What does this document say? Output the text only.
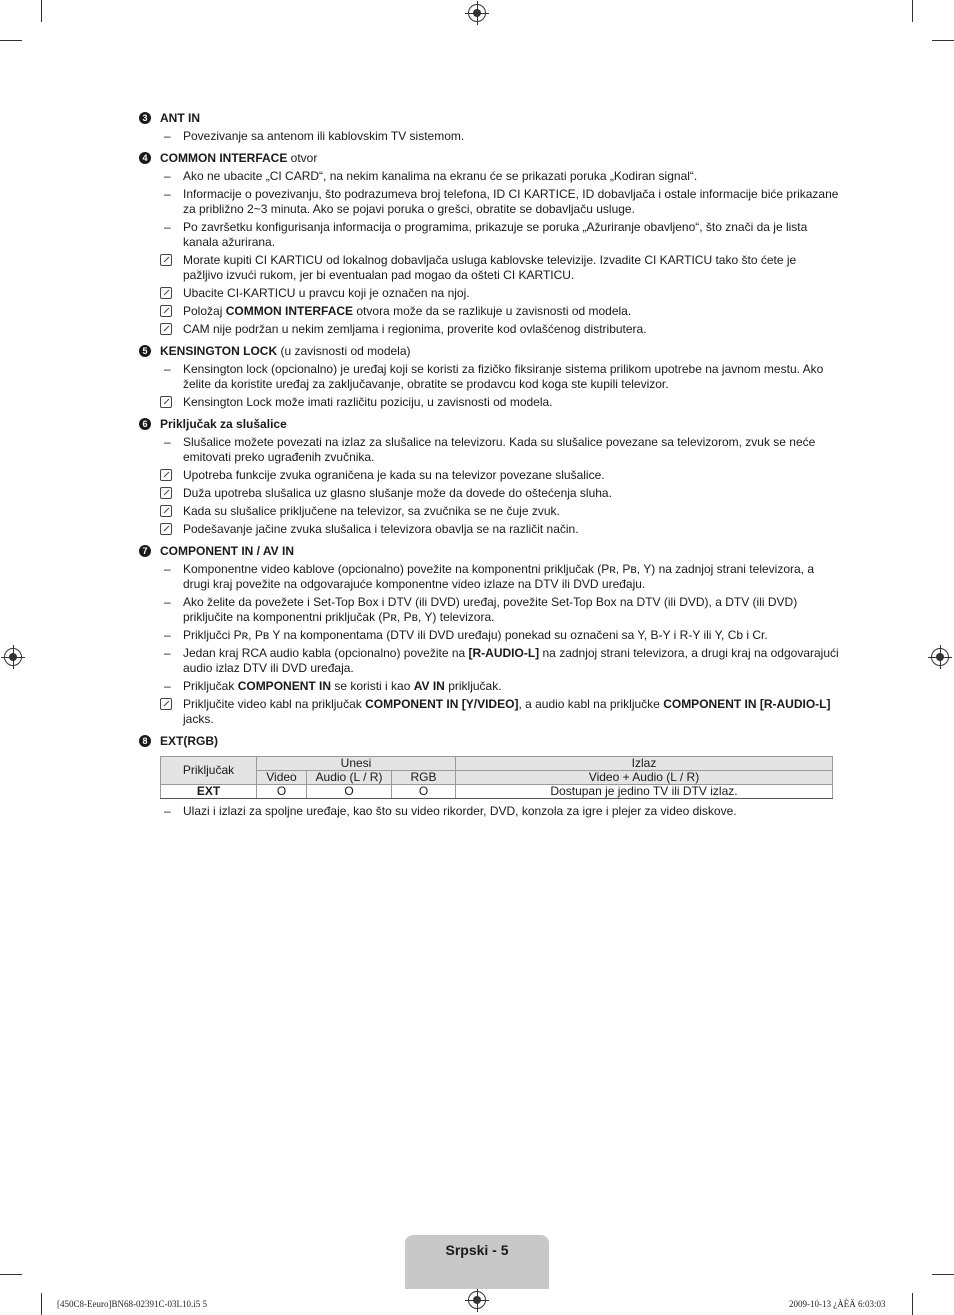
3 ANT IN
–	Povezivanje sa antenom ili kablovskim TV sistemom.
4 COMMON INTERFACE otvor
–	Ako ne ubacite „CI CARD“, na nekim kanalima na ekranu će se prikazati poruka „Kodiran signal“.
–	Informacije o povezivanju, što podrazumeva broj telefona, ID CI KARTICE, ID dobavljača i ostale informacije biće prikazane za približno 2~3 minuta. Ako se pojavi poruka o grešci, obratite se dobavljaču usluge.
–	Po završetku konfigurisanja informacija o programima, prikazuje se poruka „Ažuriranje obavljeno“, što znači da je lista kanala ažurirana.
Morate kupiti CI KARTICU od lokalnog dobavljača usluga kablovske televizije. Izvadite CI KARTICU tako što ćete je pažljivo izvući rukom, jer bi eventualan pad mogao da ošteti CI KARTICU.
Ubacite CI-KARTICU u pravcu koji je označen na njoj.
Položaj COMMON INTERFACE otvora može da se razlikuje u zavisnosti od modela.
CAM nije podržan u nekim zemljama i regionima, proverite kod ovlašćenog distributera.
5 KENSINGTON LOCK (u zavisnosti od modela)
–	Kensington lock (opcionalno) je uređaj koji se koristi za fizičko fiksiranje sistema prilikom upotrebe na javnom mestu. Ako želite da koristite uređaj za zaključavanje, obratite se prodavcu kod koga ste kupili televizor.
Kensington Lock može imati različitu poziciju, u zavisnosti od modela.
6 Priključak za slušalice
–	Slušalice možete povezati na izlaz za slušalice na televizoru. Kada su slušalice povezane sa televizorom, zvuk se neće emitovati preko ugrađenih zvučnika.
Upotreba funkcije zvuka ograničena je kada su na televizor povezane slušalice.
Duža upotreba slušalica uz glasno slušanje može da dovede do oštećenja sluha.
Kada su slušalice priključene na televizor, sa zvučnika se ne čuje zvuk.
Podešavanje jačine zvuka slušalica i televizora obavlja se na različit način.
7 COMPONENT IN / AV IN
–	Komponentne video kablove (opcionalno) povežite na komponentni priključak (Pʀ, Pʙ, Y) na zadnjoj strani televizora, a drugi kraj povežite na odgovarajuće komponentne video izlaze na DTV ili DVD uređaju.
–	Ako želite da povežete i Set-Top Box i DTV (ili DVD) uređaj, povežite Set-Top Box na DTV (ili DVD), a DTV (ili DVD) priključite na komponentni priključak (Pʀ, Pʙ, Y) televizora.
–	Priključci Pʀ, Pʙ Y na komponentama (DTV ili DVD uređaju) ponekad su označeni sa Y, B-Y i R-Y ili Y, Cb i Cr.
–	Jedan kraj RCA audio kabla (opcionalno) povežite na [R-AUDIO-L] na zadnjoj strani televizora, a drugi kraj na odgovarajući audio izlaz DTV ili DVD uređaja.
–	Priključak COMPONENT IN se koristi i kao AV IN priključak.
Priključite video kabl na priključak COMPONENT IN [Y/VIDEO], a audio kabl na priključke COMPONENT IN [R-AUDIO-L] jacks.
8 EXT(RGB)
Priključak	Unesi			Izlaz
	Video	Audio (L / R)	RGB	Video + Audio (L / R)
EXT	O	O	O	Dostupan je jedino TV ili DTV izlaz.
–	Ulazi i izlazi za spoljne uređaje, kao što su video rikorder, DVD, konzola za igre i plejer za video diskove.
Srpski - 5
[450C8-Eeuro]BN68-02391C-03L10.i5 5	2009-10-13 ¿ÀÈÄ 6:03:03
